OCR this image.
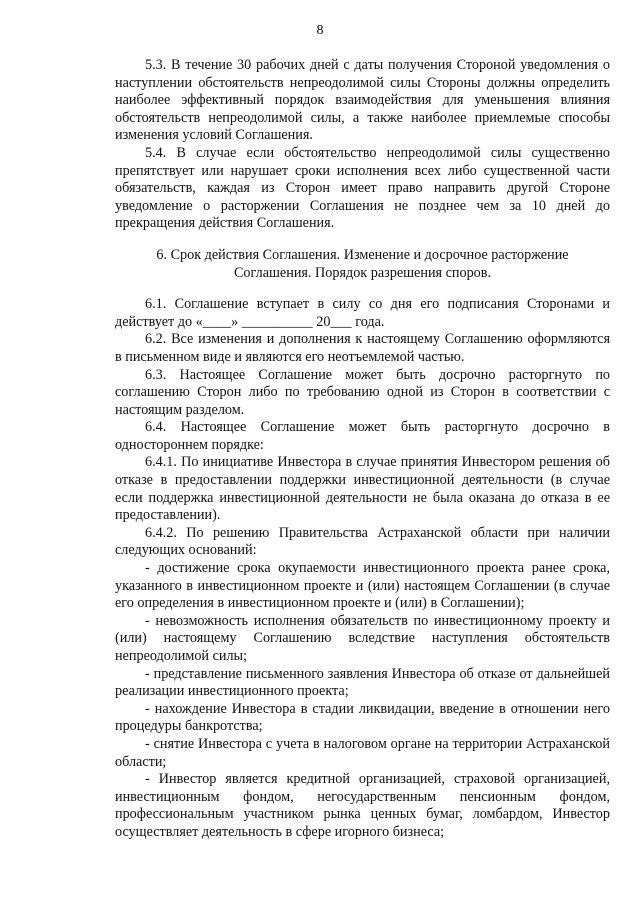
8

5.3. В течение 30 рабочих дней с даты получения Стороной уведомления о наступлении обстоятельств непреодолимой силы Стороны должны определить наиболее эффективный порядок взаимодействия для уменьшения влияния обстоятельств непреодолимой силы, а также наиболее приемлемые способы изменения условий Соглашения.

5.4. В случае если обстоятельство непреодолимой силы существенно препятствует или нарушает сроки исполнения всех либо существенной части обязательств, каждая из Сторон имеет право направить другой Стороне уведомление о расторжении Соглашения не позднее чем за 10 дней до прекращения действия Соглашения.

6. Срок действия Соглашения. Изменение и досрочное расторжение Соглашения. Порядок разрешения споров.

6.1. Соглашение вступает в силу со дня его подписания Сторонами и действует до «____» __________ 20___ года.

6.2. Все изменения и дополнения к настоящему Соглашению оформляются в письменном виде и являются его неотъемлемой частью.

6.3. Настоящее Соглашение может быть досрочно расторгнуто по соглашению Сторон либо по требованию одной из Сторон в соответствии с настоящим разделом.

6.4. Настоящее Соглашение может быть расторгнуто досрочно в одностороннем порядке:

6.4.1. По инициативе Инвестора в случае принятия Инвестором решения об отказе в предоставлении поддержки инвестиционной деятельности (в случае если поддержка инвестиционной деятельности не была оказана до отказа в ее предоставлении).

6.4.2. По решению Правительства Астраханской области при наличии следующих оснований:

- достижение срока окупаемости инвестиционного проекта ранее срока, указанного в инвестиционном проекте и (или) настоящем Соглашении (в случае его определения в инвестиционном проекте и (или) в Соглашении);

- невозможность исполнения обязательств по инвестиционному проекту и (или) настоящему Соглашению вследствие наступления обстоятельств непреодолимой силы;

- представление письменного заявления Инвестора об отказе от дальнейшей реализации инвестиционного проекта;

- нахождение Инвестора в стадии ликвидации, введение в отношении него процедуры банкротства;

- снятие Инвестора с учета в налоговом органе на территории Астраханской области;

- Инвестор является кредитной организацией, страховой организацией, инвестиционным фондом, негосударственным пенсионным фондом, профессиональным участником рынка ценных бумаг, ломбардом, Инвестор осуществляет деятельность в сфере игорного бизнеса;
